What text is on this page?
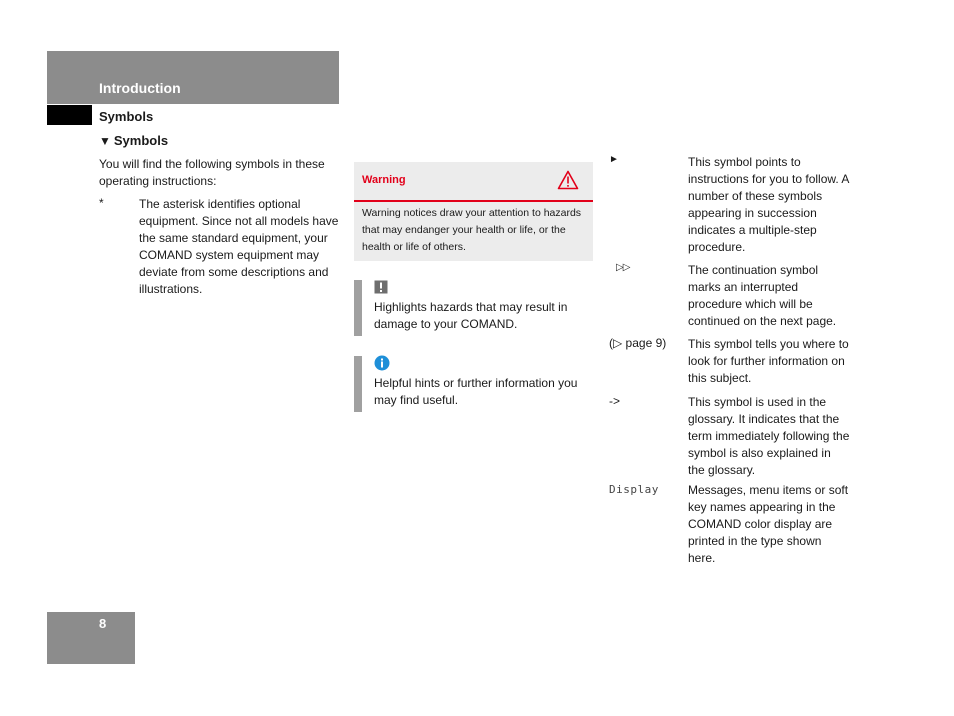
Introduction
Symbols
▼ Symbols
You will find the following symbols in these operating instructions:
*	The asterisk identifies optional equipment. Since not all models have the same standard equipment, your COMAND system equipment may deviate from some descriptions and illustrations.
Warning
Warning notices draw your attention to hazards that may endanger your health or life, or the health or life of others.
Highlights hazards that may result in damage to your COMAND.
Helpful hints or further information you may find useful.
►	This symbol points to instructions for you to follow. A number of these symbols appearing in succession indicates a multiple-step procedure.
▷▷	The continuation symbol marks an interrupted procedure which will be continued on the next page.
(▷ page 9) This symbol tells you where to look for further information on this subject.
->	This symbol is used in the glossary. It indicates that the term immediately following the symbol is also explained in the glossary.
Display Messages, menu items or soft key names appearing in the COMAND color display are printed in the type shown here.
8
